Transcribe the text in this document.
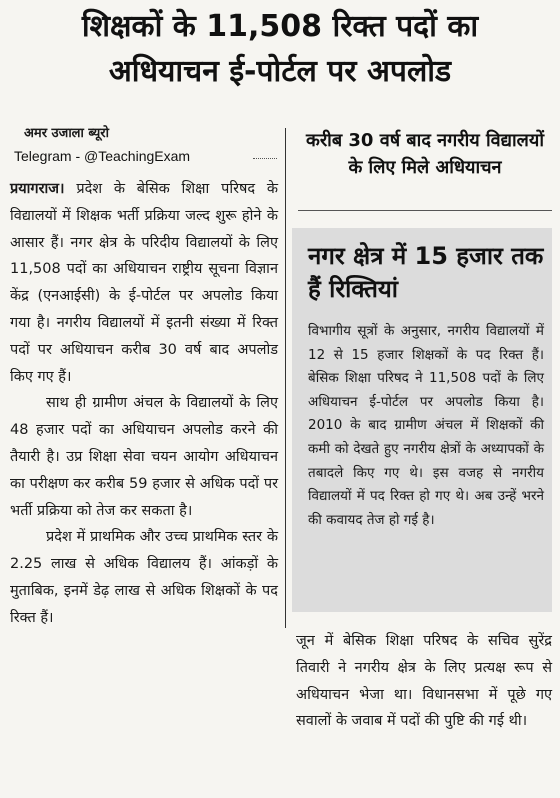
शिक्षकों के 11,508 रिक्त पदों का
अधियाचन ई-पोर्टल पर अपलोड
अमर उजाला ब्यूरो
Telegram - @TeachingExam

प्रयागराज। प्रदेश के बेसिक शिक्षा परिषद के विद्यालयों में शिक्षक भर्ती प्रक्रिया जल्द शुरू होने के आसार हैं। नगर क्षेत्र के परिदीय विद्यालयों के लिए 11,508 पदों का अधियाचन राष्ट्रीय सूचना विज्ञान केंद्र (एनआईसी) के ई-पोर्टल पर अपलोड किया गया है। नगरीय विद्यालयों में इतनी संख्या में रिक्त पदों पर अधियाचन करीब 30 वर्ष बाद अपलोड किए गए हैं।

साथ ही ग्रामीण अंचल के विद्यालयों के लिए 48 हजार पदों का अधियाचन अपलोड करने की तैयारी है। उप्र शिक्षा सेवा चयन आयोग अधियाचन का परीक्षण कर करीब 59 हजार से अधिक पदों पर भर्ती प्रक्रिया को तेज कर सकता है।

प्रदेश में प्राथमिक और उच्च प्राथमिक स्तर के 2.25 लाख से अधिक विद्यालय हैं। आंकड़ों के मुताबिक, इनमें डेढ़ लाख से अधिक शिक्षकों के पद रिक्त हैं।

करीब 30 वर्ष बाद नगरीय विद्यालयों के लिए मिले अधियाचन
नगर क्षेत्र में 15 हजार तक हैं रिक्तियां

विभागीय सूत्रों के अनुसार, नगरीय विद्यालयों में 12 से 15 हजार शिक्षकों के पद रिक्त हैं। बेसिक शिक्षा परिषद ने 11,508 पदों के लिए अधियाचन ई-पोर्टल पर अपलोड किया है। 2010 के बाद ग्रामीण अंचल में शिक्षकों की कमी को देखते हुए नगरीय क्षेत्रों के अध्यापकों के तबादले किए गए थे। इस वजह से नगरीय विद्यालयों में पद रिक्त हो गए थे। अब उन्हें भरने की कवायद तेज हो गई है।

जून में बेसिक शिक्षा परिषद के सचिव सुरेंद्र तिवारी ने नगरीय क्षेत्र के लिए प्रत्यक्ष रूप से अधियाचन भेजा था। विधानसभा में पूछे गए सवालों के जवाब में पदों की पुष्टि की गई थी।
